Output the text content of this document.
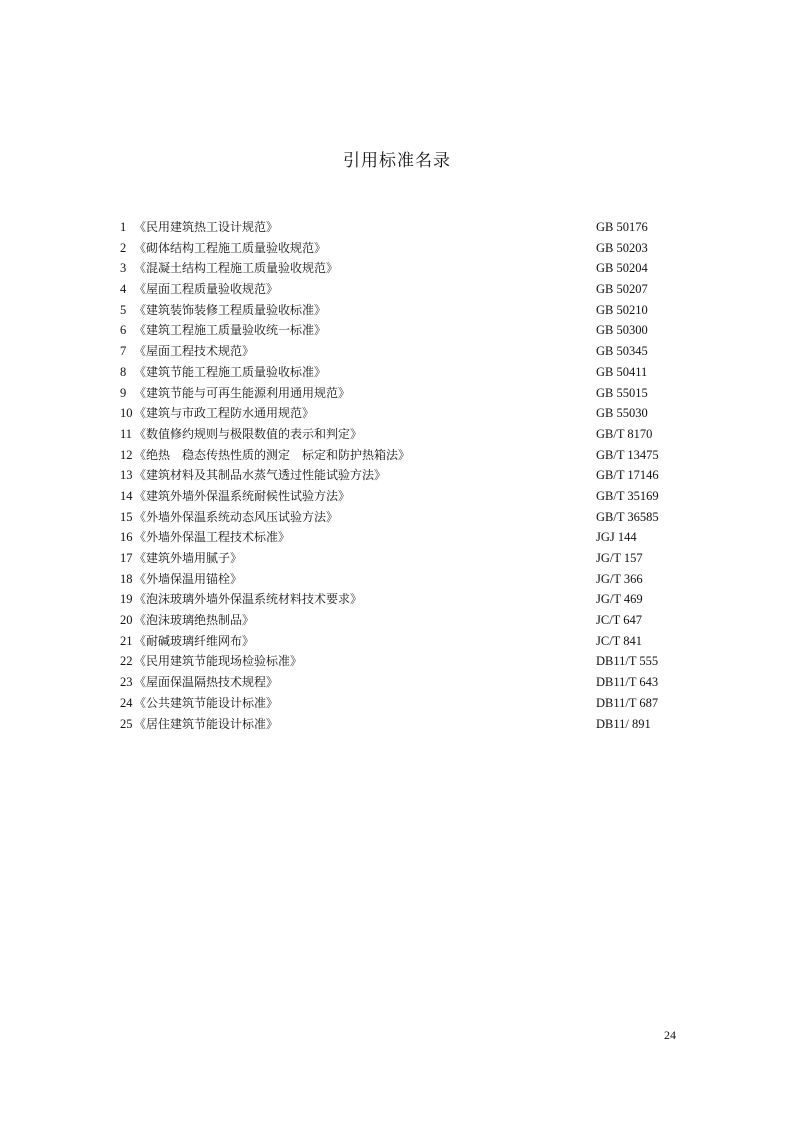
引用标准名录
1 《民用建筑热工设计规范》	GB 50176
2 《砌体结构工程施工质量验收规范》	GB 50203
3 《混凝土结构工程施工质量验收规范》	GB 50204
4 《屋面工程质量验收规范》	GB 50207
5 《建筑装饰装修工程质量验收标准》	GB 50210
6 《建筑工程施工质量验收统一标准》	GB 50300
7 《屋面工程技术规范》	GB 50345
8 《建筑节能工程施工质量验收标准》	GB 50411
9 《建筑节能与可再生能源利用通用规范》	GB 55015
10 《建筑与市政工程防水通用规范》	GB 55030
11 《数值修约规则与极限数值的表示和判定》	GB/T 8170
12 《绝热　稳态传热性质的测定　标定和防护热箱法》	GB/T 13475
13 《建筑材料及其制品水蒸气透过性能试验方法》	GB/T 17146
14 《建筑外墙外保温系统耐候性试验方法》	GB/T 35169
15 《外墙外保温系统动态风压试验方法》	GB/T 36585
16 《外墙外保温工程技术标准》	JGJ 144
17 《建筑外墙用腻子》	JG/T 157
18 《外墙保温用锚栓》	JG/T 366
19 《泡沫玻璃外墙外保温系统材料技术要求》	JG/T 469
20 《泡沫玻璃绝热制品》	JC/T 647
21 《耐碱玻璃纤维网布》	JC/T 841
22 《民用建筑节能现场检验标准》	DB11/T 555
23 《屋面保温隔热技术规程》	DB11/T 643
24 《公共建筑节能设计标准》	DB11/T 687
25 《居住建筑节能设计标准》	DB11/ 891
24
